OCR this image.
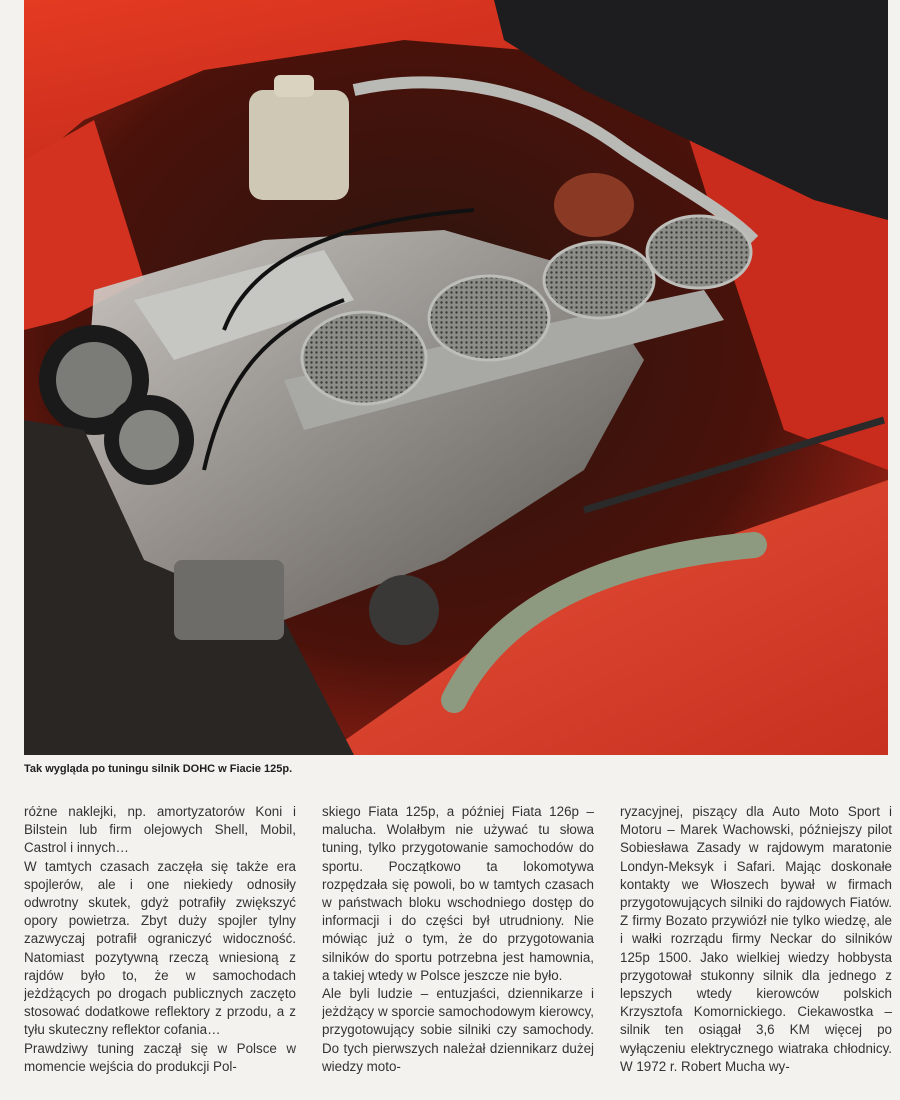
Tak wygląda po tuningu silnik DOHC w Fiacie 125p.

różne naklejki, np. amortyzatorów Koni i Bilstein lub firm olejowych Shell, Mobil, Castrol i innych…

W tamtych czasach zaczęła się także era spojlerów, ale i one niekiedy odnosiły odwrotny skutek, gdyż potrafiły zwiększyć opory powietrza. Zbyt duży spojler tylny zazwyczaj potrafił ograniczyć widoczność. Natomiast pozytywną rzeczą wniesioną z rajdów było to, że w samochodach jeżdżących po drogach publicznych zaczęto stosować dodatkowe reflektory z przodu, a z tyłu skuteczny reflektor cofania…

Prawdziwy tuning zaczął się w Polsce w momencie wejścia do produkcji Pol-

skiego Fiata 125p, a później Fiata 126p – malucha. Wolałbym nie używać tu słowa tuning, tylko przygotowanie samochodów do sportu. Początkowo ta lokomotywa rozpędzała się powoli, bo w tamtych czasach w państwach bloku wschodniego dostęp do informacji i do części był utrudniony. Nie mówiąc już o tym, że do przygotowania silników do sportu potrzebna jest hamownia, a takiej wtedy w Polsce jeszcze nie było.

Ale byli ludzie – entuzjaści, dziennikarze i jeżdżący w sporcie samochodowym kierowcy, przygotowujący sobie silniki czy samochody. Do tych pierwszych należał dziennikarz dużej wiedzy moto-

ryzacyjnej, piszący dla Auto Moto Sport i Motoru – Marek Wachowski, późniejszy pilot Sobiesława Zasady w rajdowym maratonie Londyn-Meksyk i Safari. Mając doskonałe kontakty we Włoszech bywał w firmach przygotowujących silniki do rajdowych Fiatów. Z firmy Bozato przywiózł nie tylko wiedzę, ale i wałki rozrządu firmy Neckar do silników 125p 1500. Jako wielkiej wiedzy hobbysta przygotował stukonny silnik dla jednego z lepszych wtedy kierowców polskich Krzysztofa Komornickiego. Ciekawostka – silnik ten osiągał 3,6 KM więcej po wyłączeniu elektrycznego wiatraka chłodnicy. W 1972 r. Robert Mucha wy-
